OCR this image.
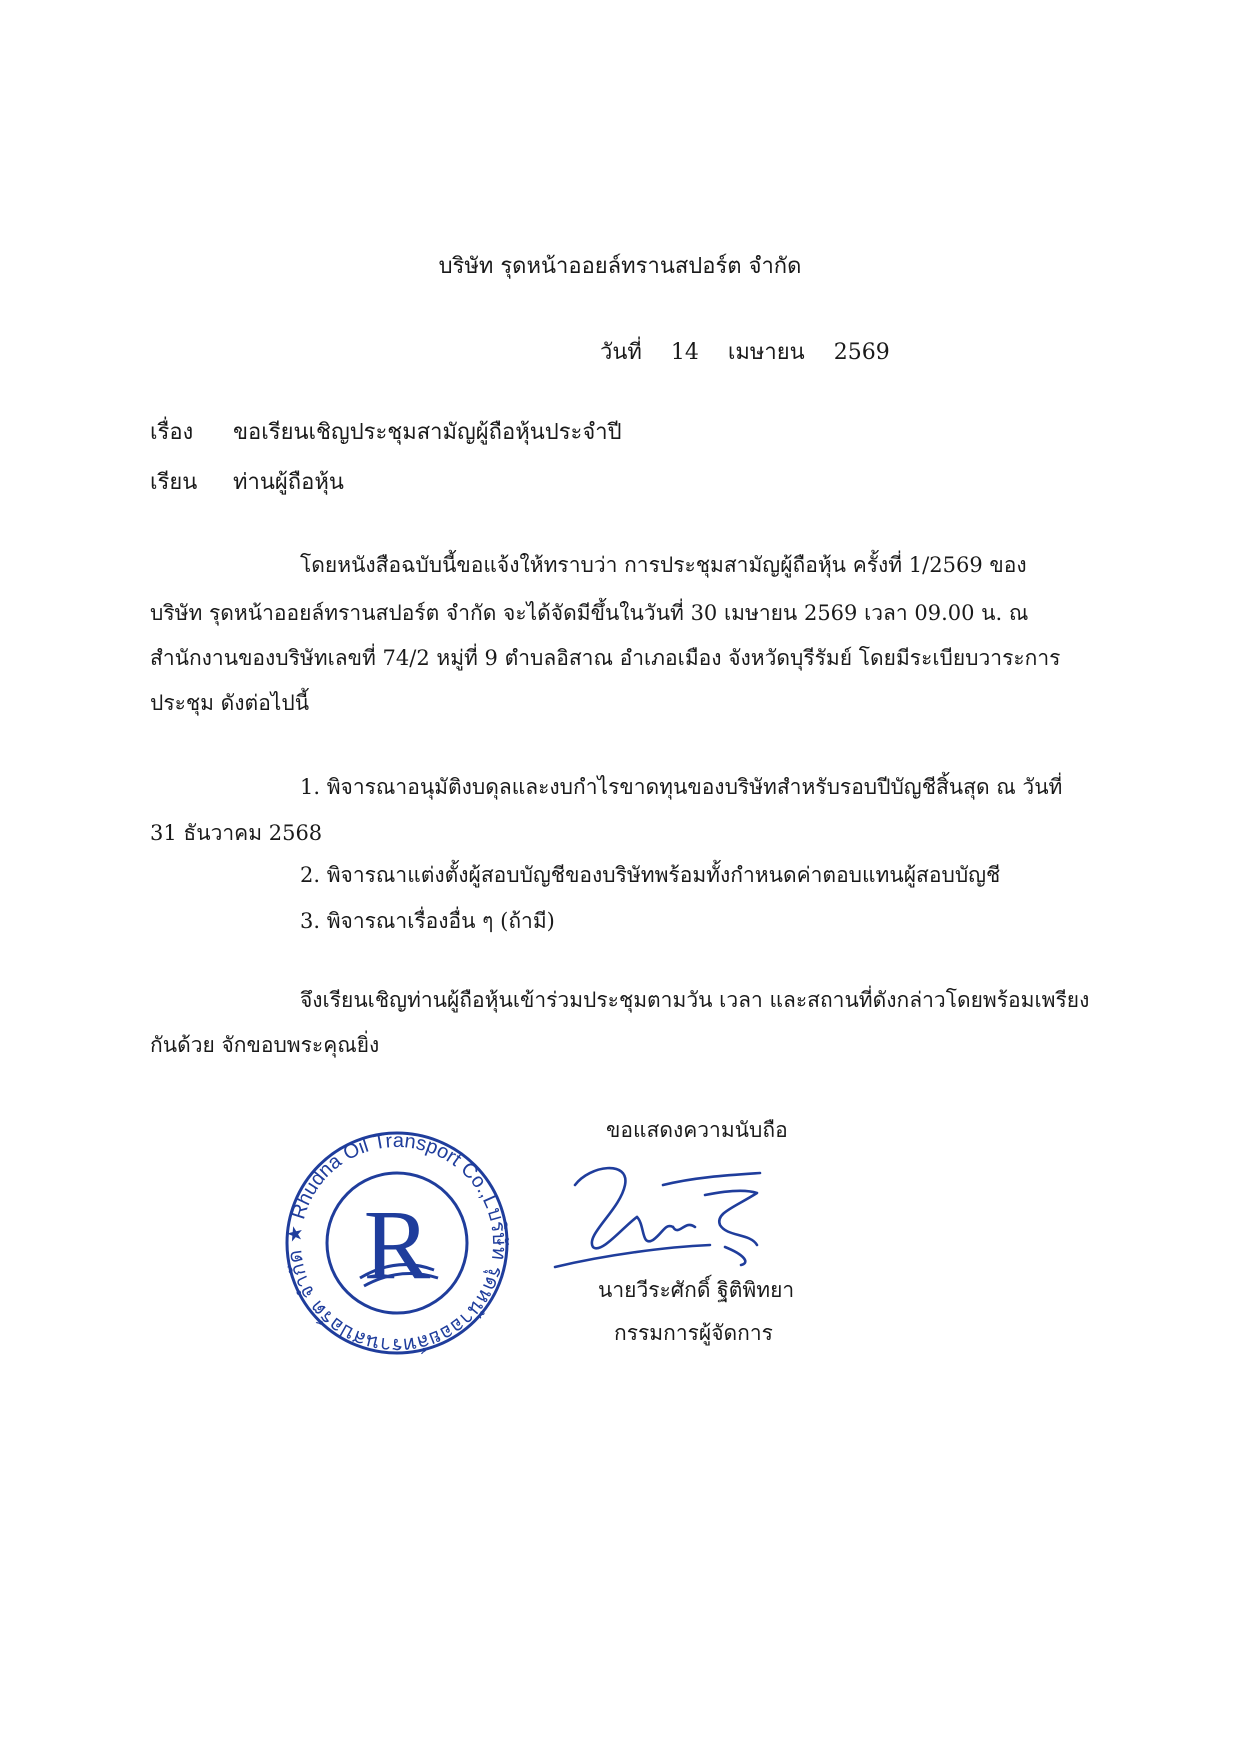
บริษัท รุดหน้าออยล์ทรานสปอร์ต จำกัด
วันที่ 14 เมษายน 2569
เรื่อง ขอเรียนเชิญประชุมสามัญผู้ถือหุ้นประจำปี
เรียน ท่านผู้ถือหุ้น
โดยหนังสือฉบับนี้ขอแจ้งให้ทราบว่า การประชุมสามัญผู้ถือหุ้น ครั้งที่ 1/2569 ของ
บริษัท รุดหน้าออยล์ทรานสปอร์ต จำกัด จะได้จัดมีขึ้นในวันที่ 30 เมษายน 2569 เวลา 09.00 น. ณ
สำนักงานของบริษัทเลขที่ 74/2 หมู่ที่ 9 ตำบลอิสาณ อำเภอเมือง จังหวัดบุรีรัมย์ โดยมีระเบียบวาระการ
ประชุม ดังต่อไปนี้
1. พิจารณาอนุมัติงบดุลและงบกำไรขาดทุนของบริษัทสำหรับรอบปีบัญชีสิ้นสุด ณ วันที่
31 ธันวาคม 2568
2. พิจารณาแต่งตั้งผู้สอบบัญชีของบริษัทพร้อมทั้งกำหนดค่าตอบแทนผู้สอบบัญชี
3. พิจารณาเรื่องอื่น ๆ (ถ้ามี)
จึงเรียนเชิญท่านผู้ถือหุ้นเข้าร่วมประชุมตามวัน เวลา และสถานที่ดังกล่าวโดยพร้อมเพรียง
กันด้วย จักขอบพระคุณยิ่ง
ขอแสดงความนับถือ
บริษัท รุดหน้าออยล์ทรานสปอร์ต จำกัด ★ Rhudna Oil Transport Co.,Ltd.★
R	นายวีระศักดิ์ ฐิติพิทยา
กรรมการผู้จัดการ
